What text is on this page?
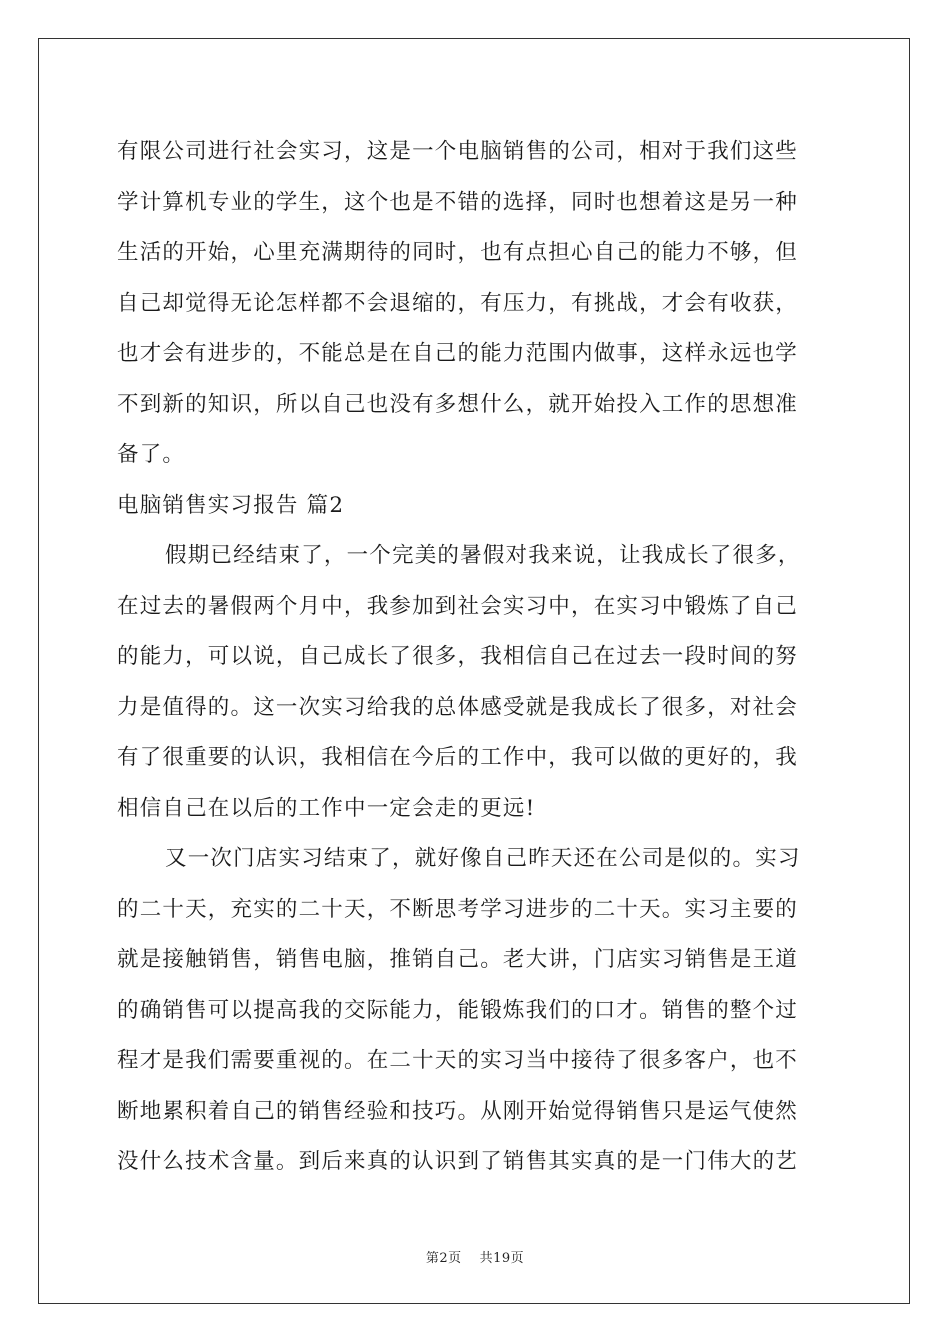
有限公司进行社会实习，这是一个电脑销售的公司，相对于我们这些
学计算机专业的学生，这个也是不错的选择，同时也想着这是另一种
生活的开始，心里充满期待的同时，也有点担心自己的能力不够，但
自己却觉得无论怎样都不会退缩的，有压力，有挑战，才会有收获，
也才会有进步的，不能总是在自己的能力范围内做事，这样永远也学
不到新的知识，所以自己也没有多想什么，就开始投入工作的思想准
备了。
电脑销售实习报告 篇2
假期已经结束了，一个完美的暑假对我来说，让我成长了很多，
在过去的暑假两个月中，我参加到社会实习中，在实习中锻炼了自己
的能力，可以说，自己成长了很多，我相信自己在过去一段时间的努
力是值得的。这一次实习给我的总体感受就是我成长了很多，对社会
有了很重要的认识，我相信在今后的工作中，我可以做的更好的，我
相信自己在以后的工作中一定会走的更远!
又一次门店实习结束了，就好像自己昨天还在公司是似的。实习
的二十天，充实的二十天，不断思考学习进步的二十天。实习主要的
就是接触销售，销售电脑，推销自己。老大讲，门店实习销售是王道
的确销售可以提高我的交际能力，能锻炼我们的口才。销售的整个过
程才是我们需要重视的。在二十天的实习当中接待了很多客户，也不
断地累积着自己的销售经验和技巧。从刚开始觉得销售只是运气使然
没什么技术含量。到后来真的认识到了销售其实真的是一门伟大的艺
第2页 共19页
